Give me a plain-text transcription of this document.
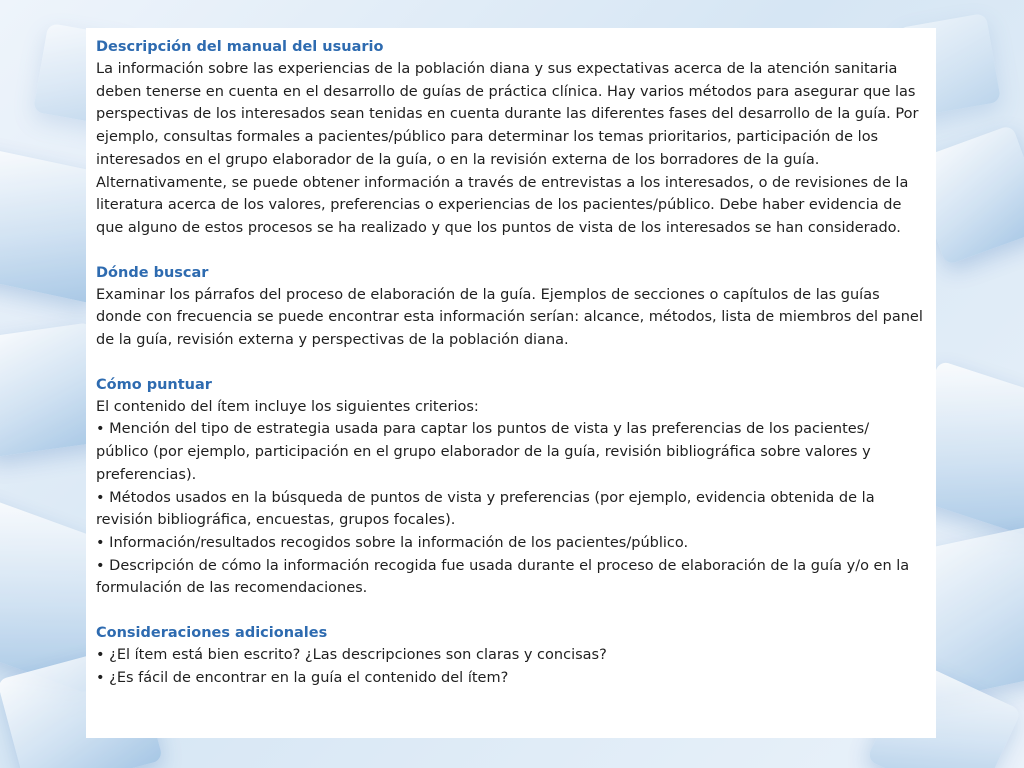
Descripción del manual del usuario

La información sobre las experiencias de la población diana y sus expectativas acerca de la atención sanitaria deben tenerse en cuenta en el desarrollo de guías de práctica clínica. Hay varios métodos para asegurar que las perspectivas de los interesados sean tenidas en cuenta durante las diferentes fases del desarrollo de la guía. Por ejemplo, consultas formales a pacientes/público para determinar los temas prioritarios, participación de los interesados en el grupo elaborador de la guía, o en la revisión externa de los borradores de la guía. Alternativamente, se puede obtener información a través de entrevistas a los interesados, o de revisiones de la literatura acerca de los valores, preferencias o experiencias de los pacientes/público. Debe haber evidencia de que alguno de estos procesos se ha realizado y que los puntos de vista de los interesados se han considerado.

Dónde buscar

Examinar los párrafos del proceso de elaboración de la guía. Ejemplos de secciones o capítulos de las guías donde con frecuencia se puede encontrar esta información serían: alcance, métodos, lista de miembros del panel de la guía, revisión externa y perspectivas de la población diana.

Cómo puntuar

El contenido del ítem incluye los siguientes criterios:

• Mención del tipo de estrategia usada para captar los puntos de vista y las preferencias de los pacientes/ público (por ejemplo, participación en el grupo elaborador de la guía, revisión bibliográfica sobre valores y preferencias).
• Métodos usados en la búsqueda de puntos de vista y preferencias (por ejemplo, evidencia obtenida de la revisión bibliográfica, encuestas, grupos focales).
• Información/resultados recogidos sobre la información de los pacientes/público.
• Descripción de cómo la información recogida fue usada durante el proceso de elaboración de la guía y/o en la formulación de las recomendaciones.
Consideraciones adicionales
• ¿El ítem está bien escrito? ¿Las descripciones son claras y concisas?
• ¿Es fácil de encontrar en la guía el contenido del ítem?
